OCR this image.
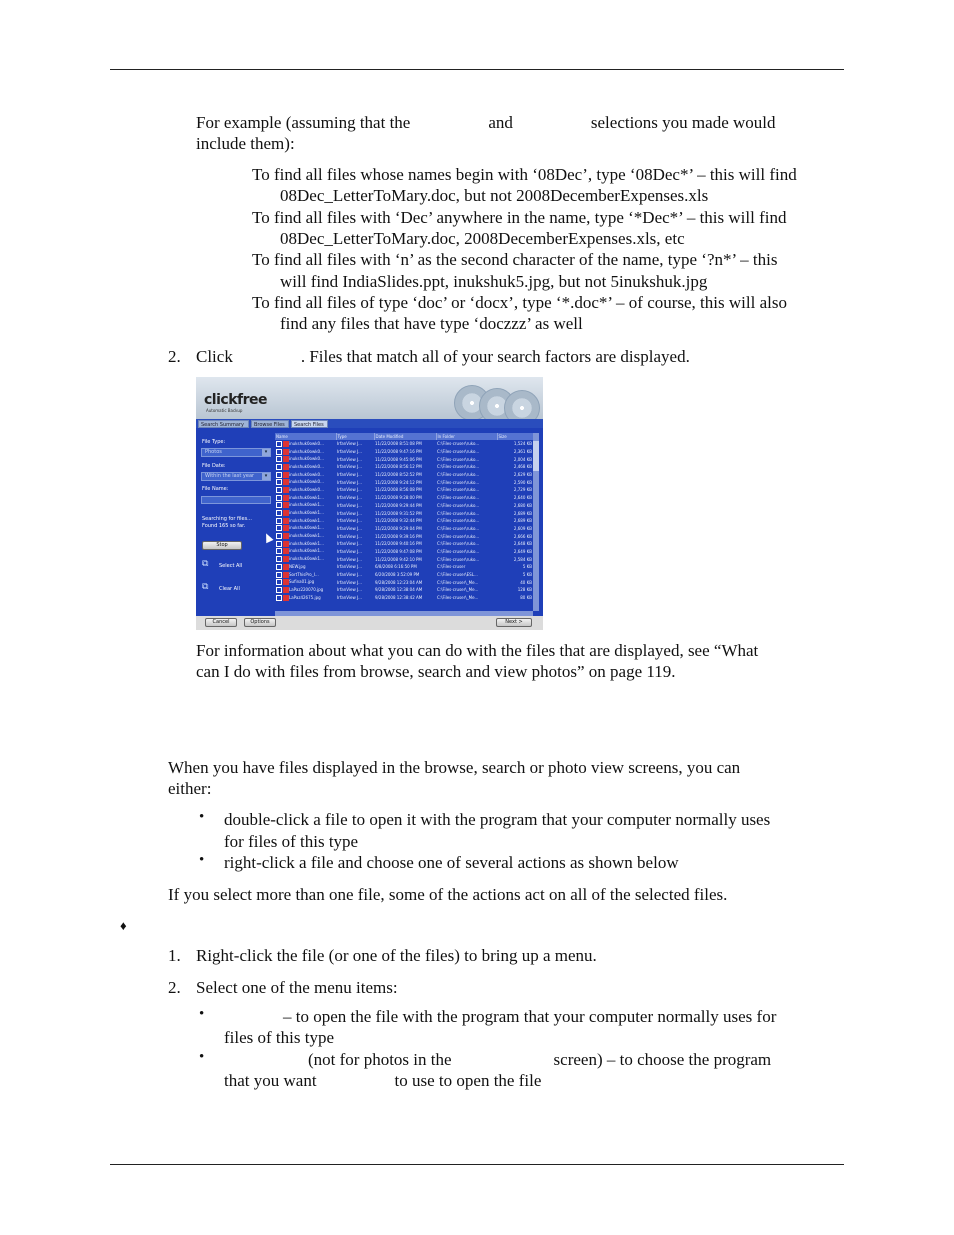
For example (assuming that the	and	selections you made would
include them):
To find all files whose names begin with ‘08Dec’, type ‘08Dec*’ – this will find
08Dec_LetterToMary.doc, but not 2008DecemberExpenses.xls
To find all files with ‘Dec’ anywhere in the name, type ‘*Dec*’ – this will find
08Dec_LetterToMary.doc, 2008DecemberExpenses.xls, etc
To find all files with ‘n’ as the second character of the name, type ‘?n*’ – this
will find IndiaSlides.ppt, inukshuk5.jpg, but not 5inukshuk.jpg
To find all files of type ‘doc’ or ‘docx’, type ‘*.doc*’ – of course, this will also
find any files that have type ‘doczzz’ as well
2. Click	. Files that match all of your search factors are displayed.
clickfree
Automatic Backup
Search Summary	Browse Files	Search Files
File Type:
Photos	▾
File Date:
Within the last year	▾
File Name:
Searching for files...
Found 165 so far.
Stop
⧉ Select All
⧉ Clear All
Name	Type	Date Modified	In Folder	Size
inukshuk0owk0...	IrfanView J...	11/22/2008 8:51:08 PM	C:\Files-cruser\ruko...	1,524 KB
inukshuk0owk0...	IrfanView J...	11/22/2008 9:47:16 PM	C:\Files-cruser\ruko...	2,361 KB
inukshuk0owk0...	IrfanView J...	11/22/2008 9:45:06 PM	C:\Files-cruser\ruko...	2,004 KB
inukshuk0owk0...	IrfanView J...	11/22/2008 8:56:12 PM	C:\Files-cruser\ruko...	2,468 KB
inukshuk0owk0...	IrfanView J...	11/22/2008 8:52:52 PM	C:\Files-cruser\ruko...	2,629 KB
inukshuk0owk0...	IrfanView J...	11/22/2008 9:24:12 PM	C:\Files-cruser\ruko...	2,590 KB
inukshuk0owk0...	IrfanView J...	11/22/2008 8:56:08 PM	C:\Files-cruser\ruko...	2,729 KB
inukshuk0owk1...	IrfanView J...	11/22/2008 9:28:00 PM	C:\Files-cruser\ruko...	2,640 KB
inukshuk0owk1...	IrfanView J...	11/22/2008 9:29:44 PM	C:\Files-cruser\ruko...	2,680 KB
inukshuk0owk1...	IrfanView J...	11/22/2008 9:31:52 PM	C:\Files-cruser\ruko...	2,689 KB
inukshuk0owk1...	IrfanView J...	11/22/2008 9:32:44 PM	C:\Files-cruser\ruko...	2,689 KB
inukshuk0owk1...	IrfanView J...	11/22/2008 9:29:04 PM	C:\Files-cruser\ruko...	2,609 KB
inukshuk0owk1...	IrfanView J...	11/22/2008 9:39:16 PM	C:\Files-cruser\ruko...	2,666 KB
inukshuk0owk1...	IrfanView J...	11/22/2008 9:40:16 PM	C:\Files-cruser\ruko...	2,648 KB
inukshuk0owk1...	IrfanView J...	11/22/2008 9:47:08 PM	C:\Files-cruser\ruko...	2,649 KB
inukshuk0owk1...	IrfanView J...	11/22/2008 9:42:10 PM	C:\Files-cruser\ruko...	2,584 KB
NEW.jpg	IrfanView J...	6/8/2008 6:16:50 PM	C:\Files-cruser	5 KB
SortThisPro_I...	IrfanView J...	6/20/2008 3:52:09 PM	C:\Files-cruser\ESL...	5 KB
Sufina01.jpg	IrfanView J...	9/28/2008 12:23:04 AM	C:\Files-cruser\_Me...	40 KB
LaPaz220070.jpg	IrfanView J...	9/28/2008 12:38:04 AM	C:\Files-cruser\_Me...	128 KB
LaPaz42675.jpg	IrfanView J...	9/28/2008 12:38:42 AM	C:\Files-cruser\_Me...	80 KB
Cancel	Options	Next >
For information about what you can do with the files that are displayed, see “What
can I do with files from browse, search and view photos” on page 119.
When you have files displayed in the browse, search or photo view screens, you can
either:
• double-click a file to open it with the program that your computer normally uses
for files of this type
• right-click a file and choose one of several actions as shown below
If you select more than one file, some of the actions act on all of the selected files.
♦
1. Right-click the file (or one of the files) to bring up a menu.
2. Select one of the menu items:
•	– to open the file with the program that your computer normally uses for
files of this type
•	(not for photos in the	screen) – to choose the program
that you want	to use to open the file
